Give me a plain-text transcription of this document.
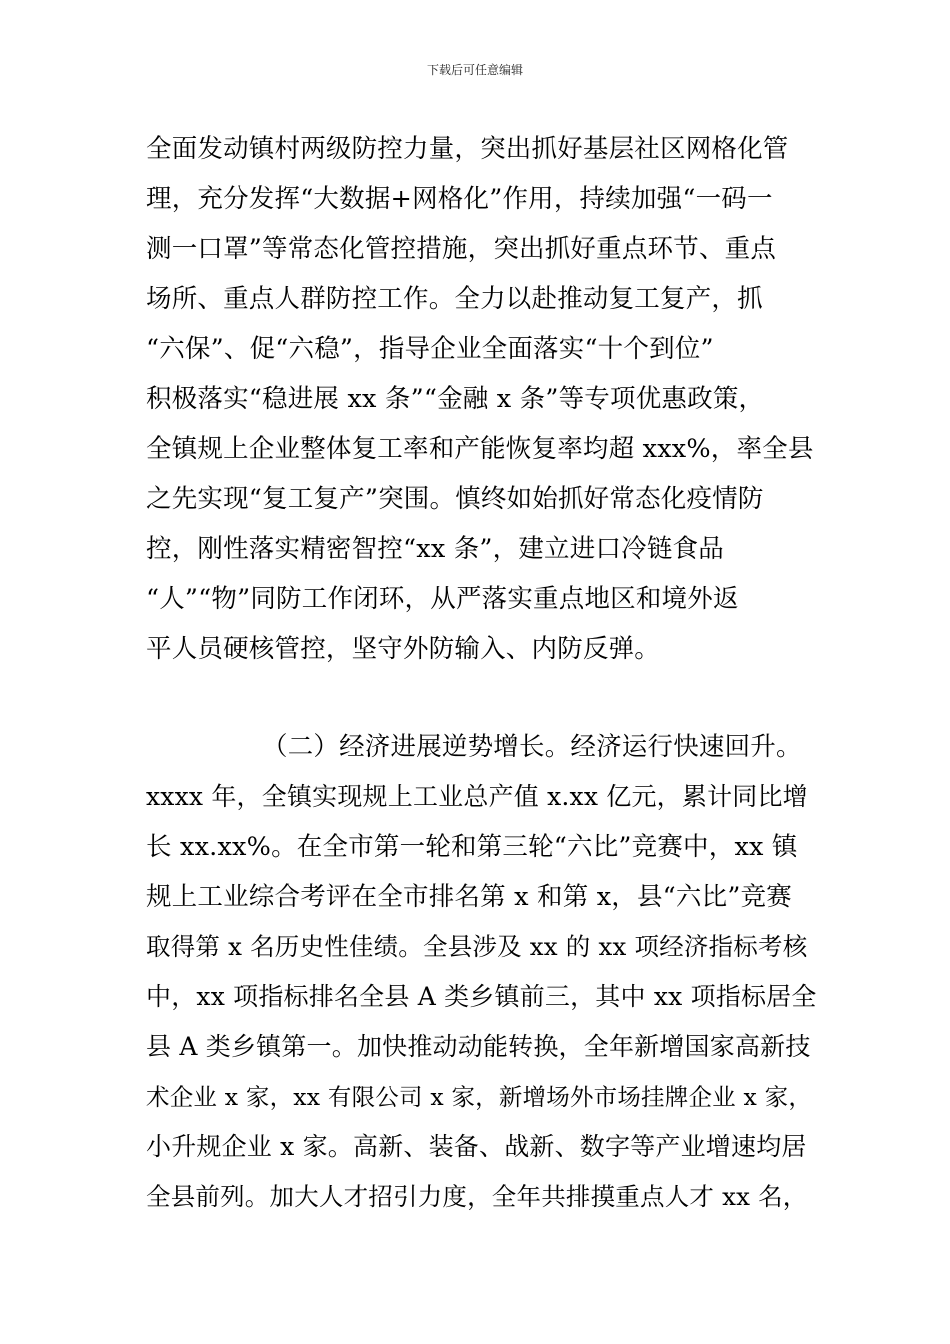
下载后可任意编辑
全面发动镇村两级防控力量，突出抓好基层社区网格化管
理，充分发挥“大数据+网格化”作用，持续加强“一码一
测一口罩”等常态化管控措施，突出抓好重点环节、重点
场所、重点人群防控工作。全力以赴推动复工复产，抓
“六保”、促“六稳”，指导企业全面落实“十个到位”
积极落实“稳进展 xx 条”“金融 x 条”等专项优惠政策，
全镇规上企业整体复工率和产能恢复率均超 xxx%，率全县
之先实现“复工复产”突围。慎终如始抓好常态化疫情防
控，刚性落实精密智控“xx 条”，建立进口冷链食品
“人”“物”同防工作闭环，从严落实重点地区和境外返
平人员硬核管控，坚守外防输入、内防反弹。
（二）经济进展逆势增长。经济运行快速回升。
xxxx 年，全镇实现规上工业总产值 x.xx 亿元，累计同比增
长 xx.xx%。在全市第一轮和第三轮“六比”竞赛中，xx 镇
规上工业综合考评在全市排名第 x 和第 x，县“六比”竞赛
取得第 x 名历史性佳绩。全县涉及 xx 的 xx 项经济指标考核
中，xx 项指标排名全县 A 类乡镇前三，其中 xx 项指标居全
县 A 类乡镇第一。加快推动动能转换，全年新增国家高新技
术企业 x 家，xx 有限公司 x 家，新增场外市场挂牌企业 x 家，
小升规企业 x 家。高新、装备、战新、数字等产业增速均居
全县前列。加大人才招引力度，全年共排摸重点人才 xx 名，
